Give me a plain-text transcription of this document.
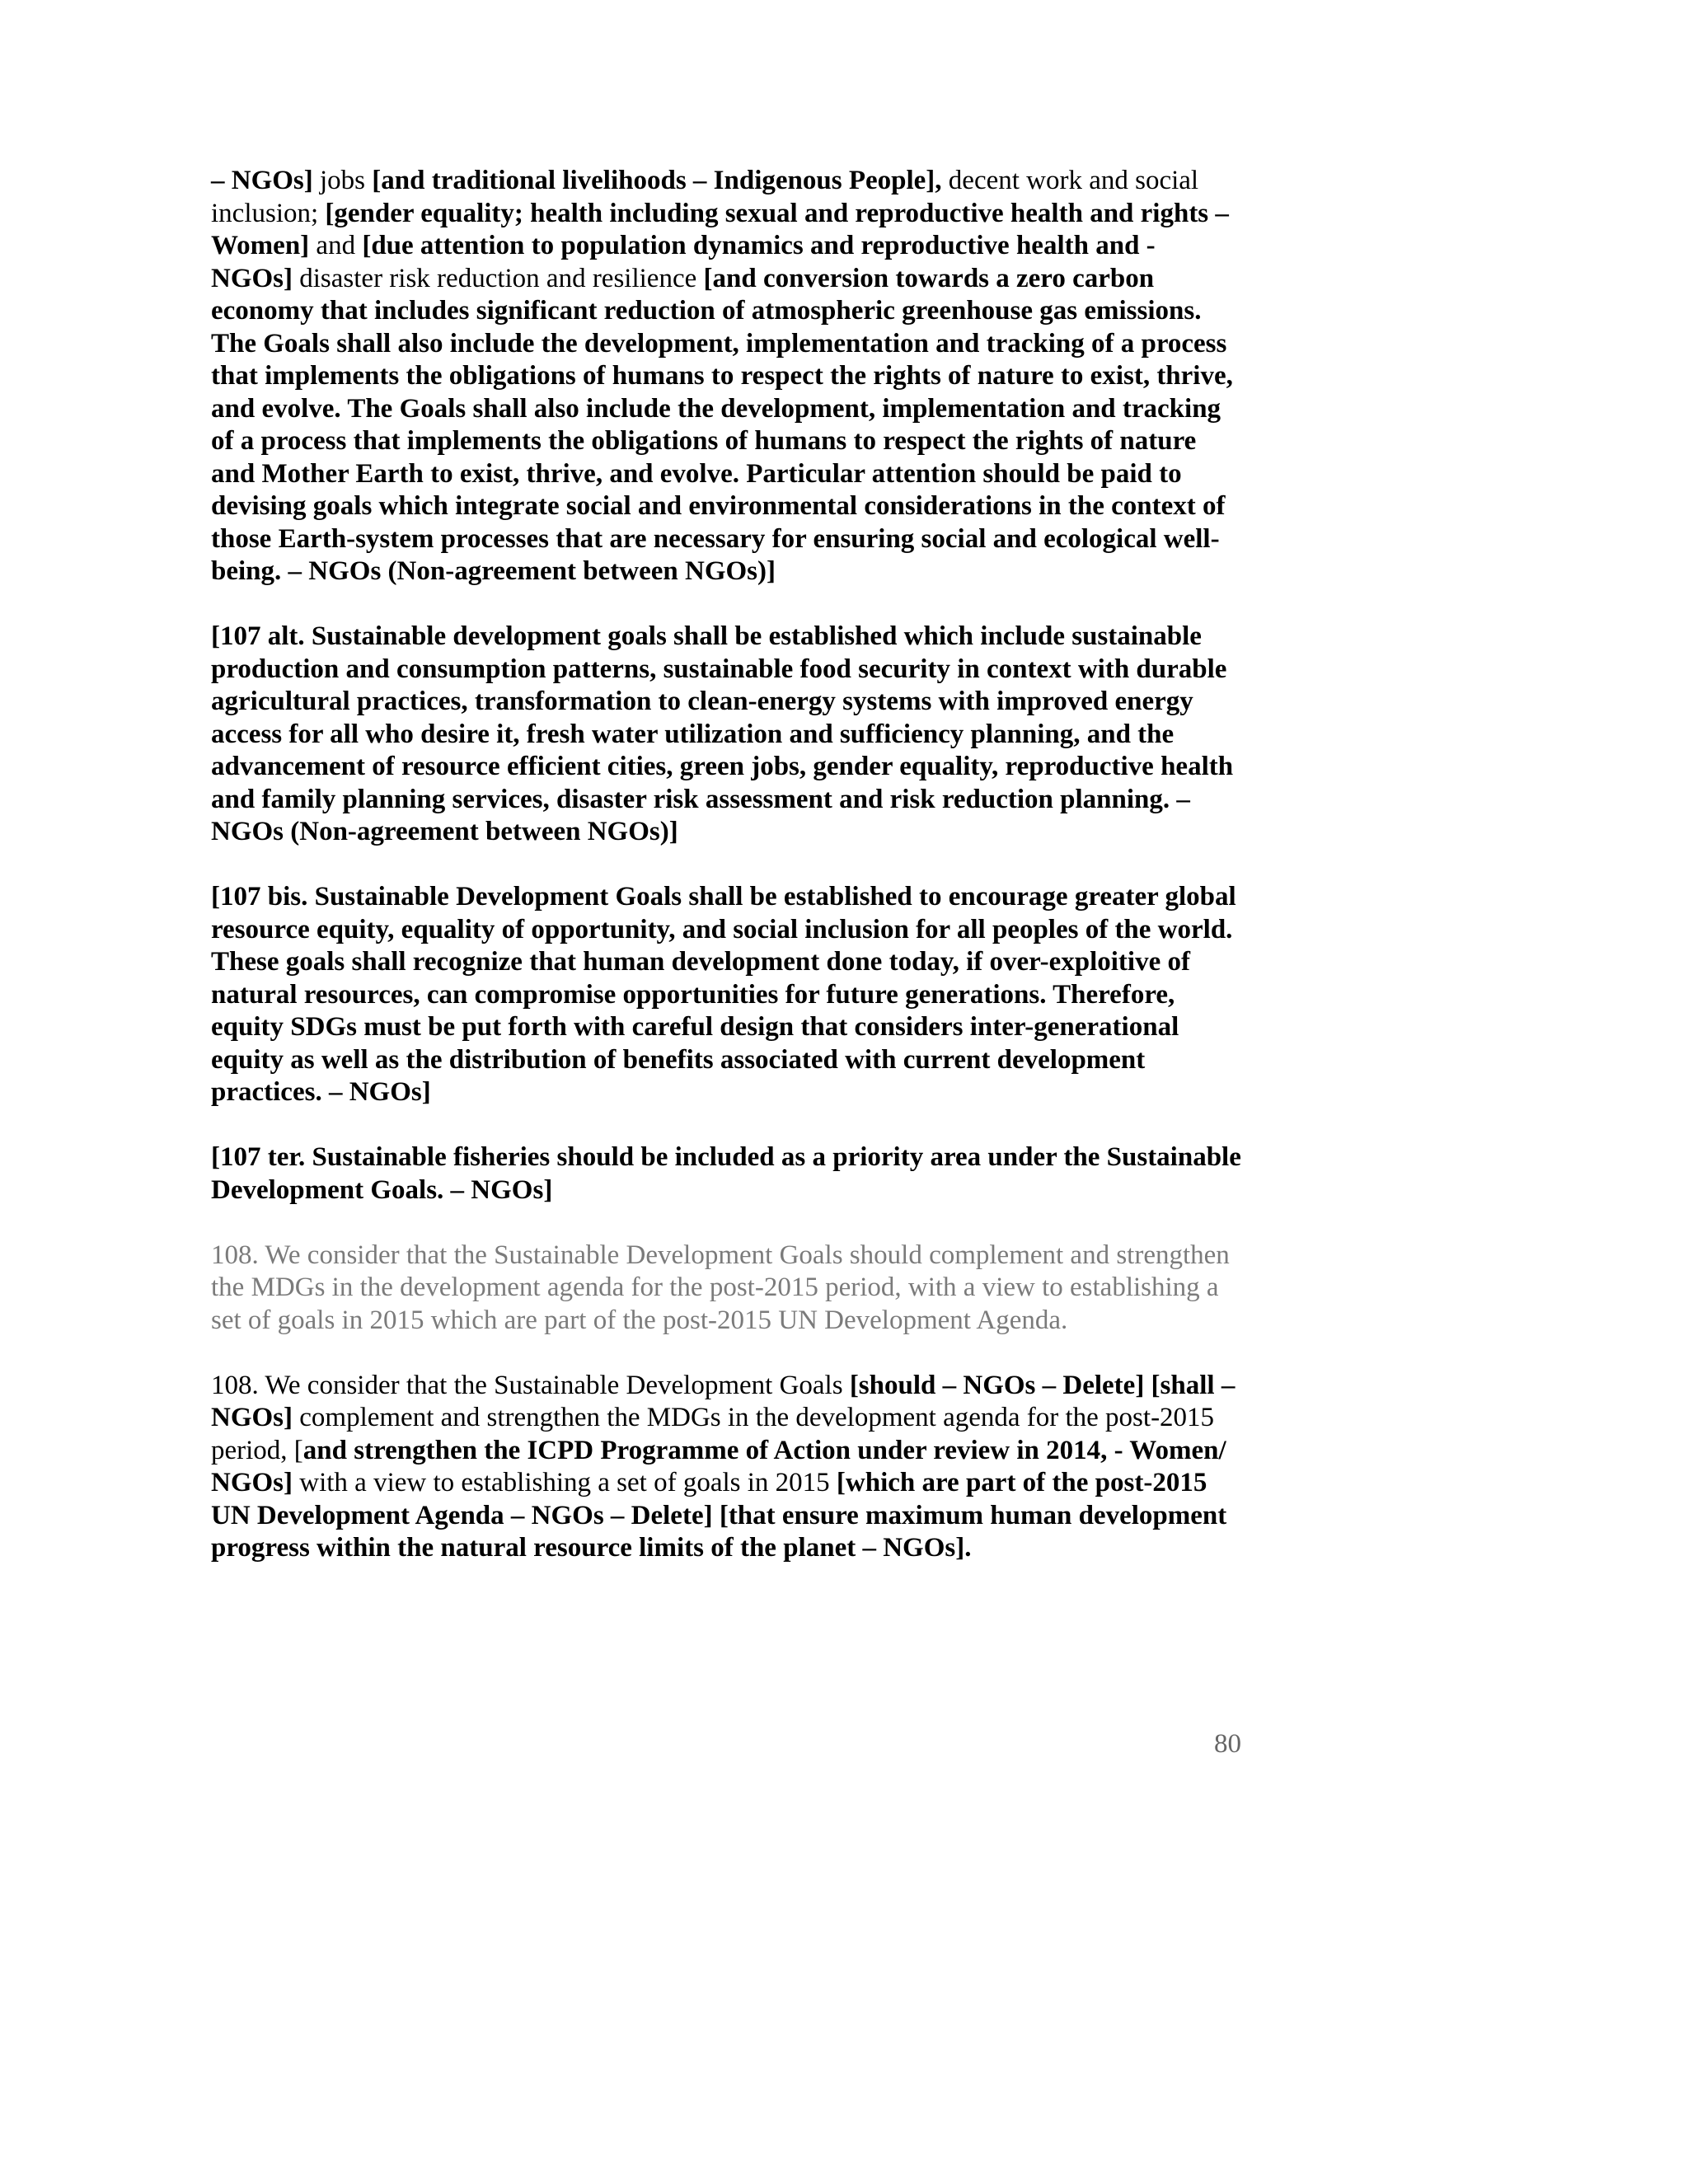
– NGOs] jobs [and traditional livelihoods – Indigenous People], decent work and social inclusion; [gender equality; health including sexual and reproductive health and rights – Women] and [due attention to population dynamics and reproductive health and - NGOs] disaster risk reduction and resilience [and conversion towards a zero carbon economy that includes significant reduction of atmospheric greenhouse gas emissions. The Goals shall also include the development, implementation and tracking of a process that implements the obligations of humans to respect the rights of nature to exist, thrive, and evolve. The Goals shall also include the development, implementation and tracking of a process that implements the obligations of humans to respect the rights of nature and Mother Earth to exist, thrive, and evolve. Particular attention should be paid to devising goals which integrate social and environmental considerations in the context of those Earth-system processes that are necessary for ensuring social and ecological well-being. – NGOs (Non-agreement between NGOs)]

[107 alt. Sustainable development goals shall be established which include sustainable production and consumption patterns, sustainable food security in context with durable agricultural practices, transformation to clean-energy systems with improved energy access for all who desire it, fresh water utilization and sufficiency planning, and the advancement of resource efficient cities, green jobs, gender equality, reproductive health and family planning services, disaster risk assessment and risk reduction planning. – NGOs (Non-agreement between NGOs)]

[107 bis. Sustainable Development Goals shall be established to encourage greater global resource equity, equality of opportunity, and social inclusion for all peoples of the world. These goals shall recognize that human development done today, if over-exploitive of natural resources, can compromise opportunities for future generations. Therefore, equity SDGs must be put forth with careful design that considers inter-generational equity as well as the distribution of benefits associated with current development practices. – NGOs]

[107 ter. Sustainable fisheries should be included as a priority area under the Sustainable Development Goals. – NGOs]

108. We consider that the Sustainable Development Goals should complement and strengthen the MDGs in the development agenda for the post-2015 period, with a view to establishing a set of goals in 2015 which are part of the post-2015 UN Development Agenda.

108. We consider that the Sustainable Development Goals [should – NGOs – Delete] [shall – NGOs] complement and strengthen the MDGs in the development agenda for the post-2015 period, [and strengthen the ICPD Programme of Action under review in 2014, - Women/ NGOs] with a view to establishing a set of goals in 2015 [which are part of the post-2015 UN Development Agenda – NGOs – Delete] [that ensure maximum human development progress within the natural resource limits of the planet – NGOs].

80
